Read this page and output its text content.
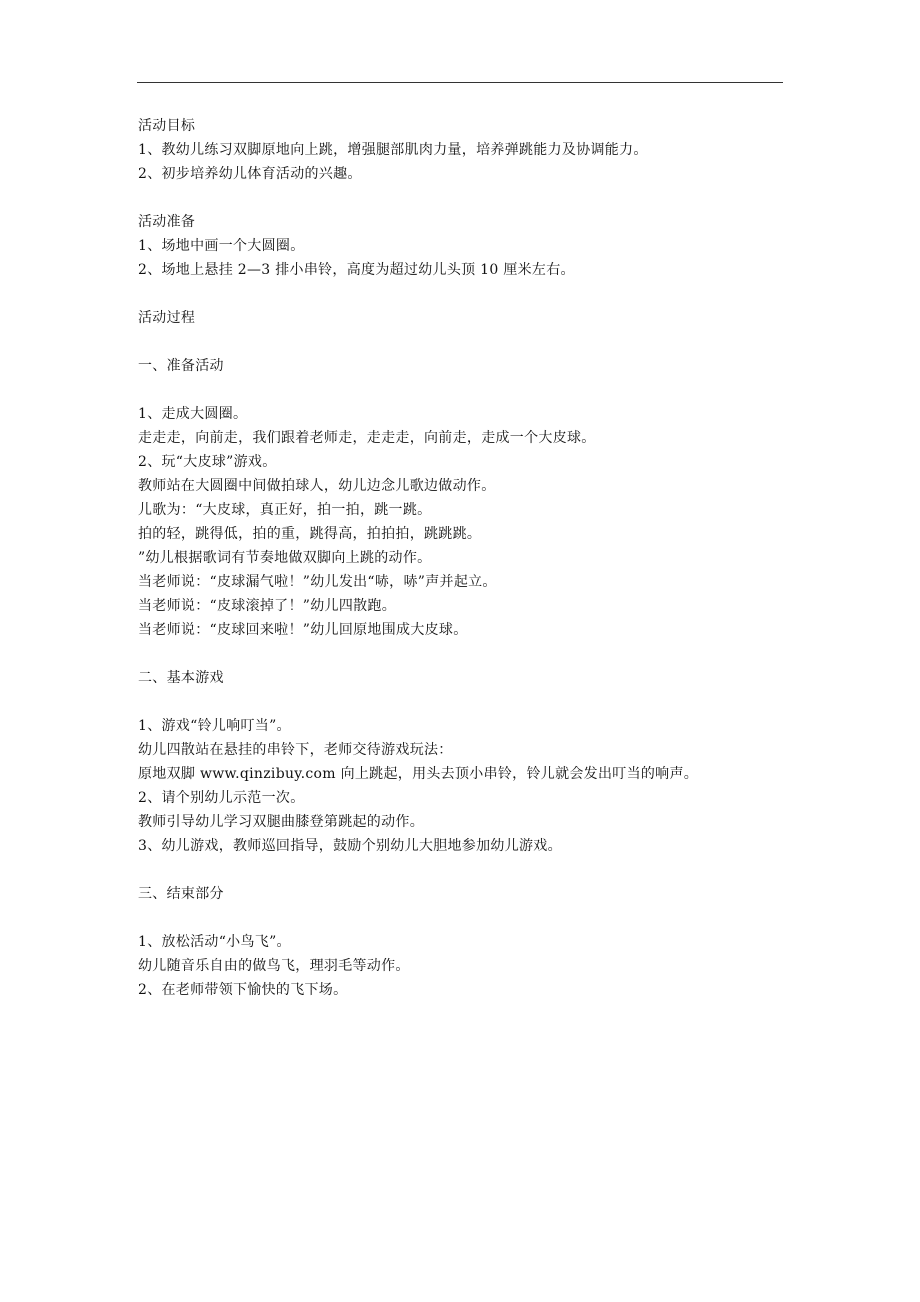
活动目标
1、教幼儿练习双脚原地向上跳，增强腿部肌肉力量，培养弹跳能力及协调能力。
2、初步培养幼儿体育活动的兴趣。
活动准备
1、场地中画一个大圆圈。
2、场地上悬挂 2—3 排小串铃，高度为超过幼儿头顶 10 厘米左右。
活动过程
一、准备活动
1、走成大圆圈。
走走走，向前走，我们跟着老师走，走走走，向前走，走成一个大皮球。
2、玩“大皮球”游戏。
教师站在大圆圈中间做拍球人，幼儿边念儿歌边做动作。
儿歌为：“大皮球，真正好，拍一拍，跳一跳。
拍的轻，跳得低，拍的重，跳得高，拍拍拍，跳跳跳。
”幼儿根据歌词有节奏地做双脚向上跳的动作。
当老师说：“皮球漏气啦！”幼儿发出“哧，哧”声并起立。
当老师说：“皮球滚掉了！”幼儿四散跑。
当老师说：“皮球回来啦！”幼儿回原地围成大皮球。
二、基本游戏
1、游戏“铃儿响叮当”。
幼儿四散站在悬挂的串铃下，老师交待游戏玩法：
原地双脚 www.qinzibuy.com 向上跳起，用头去顶小串铃，铃儿就会发出叮当的响声。
2、请个别幼儿示范一次。
教师引导幼儿学习双腿曲膝登第跳起的动作。
3、幼儿游戏，教师巡回指导，鼓励个别幼儿大胆地参加幼儿游戏。
三、结束部分
1、放松活动“小鸟飞”。
幼儿随音乐自由的做鸟飞，理羽毛等动作。
2、在老师带领下愉快的飞下场。
